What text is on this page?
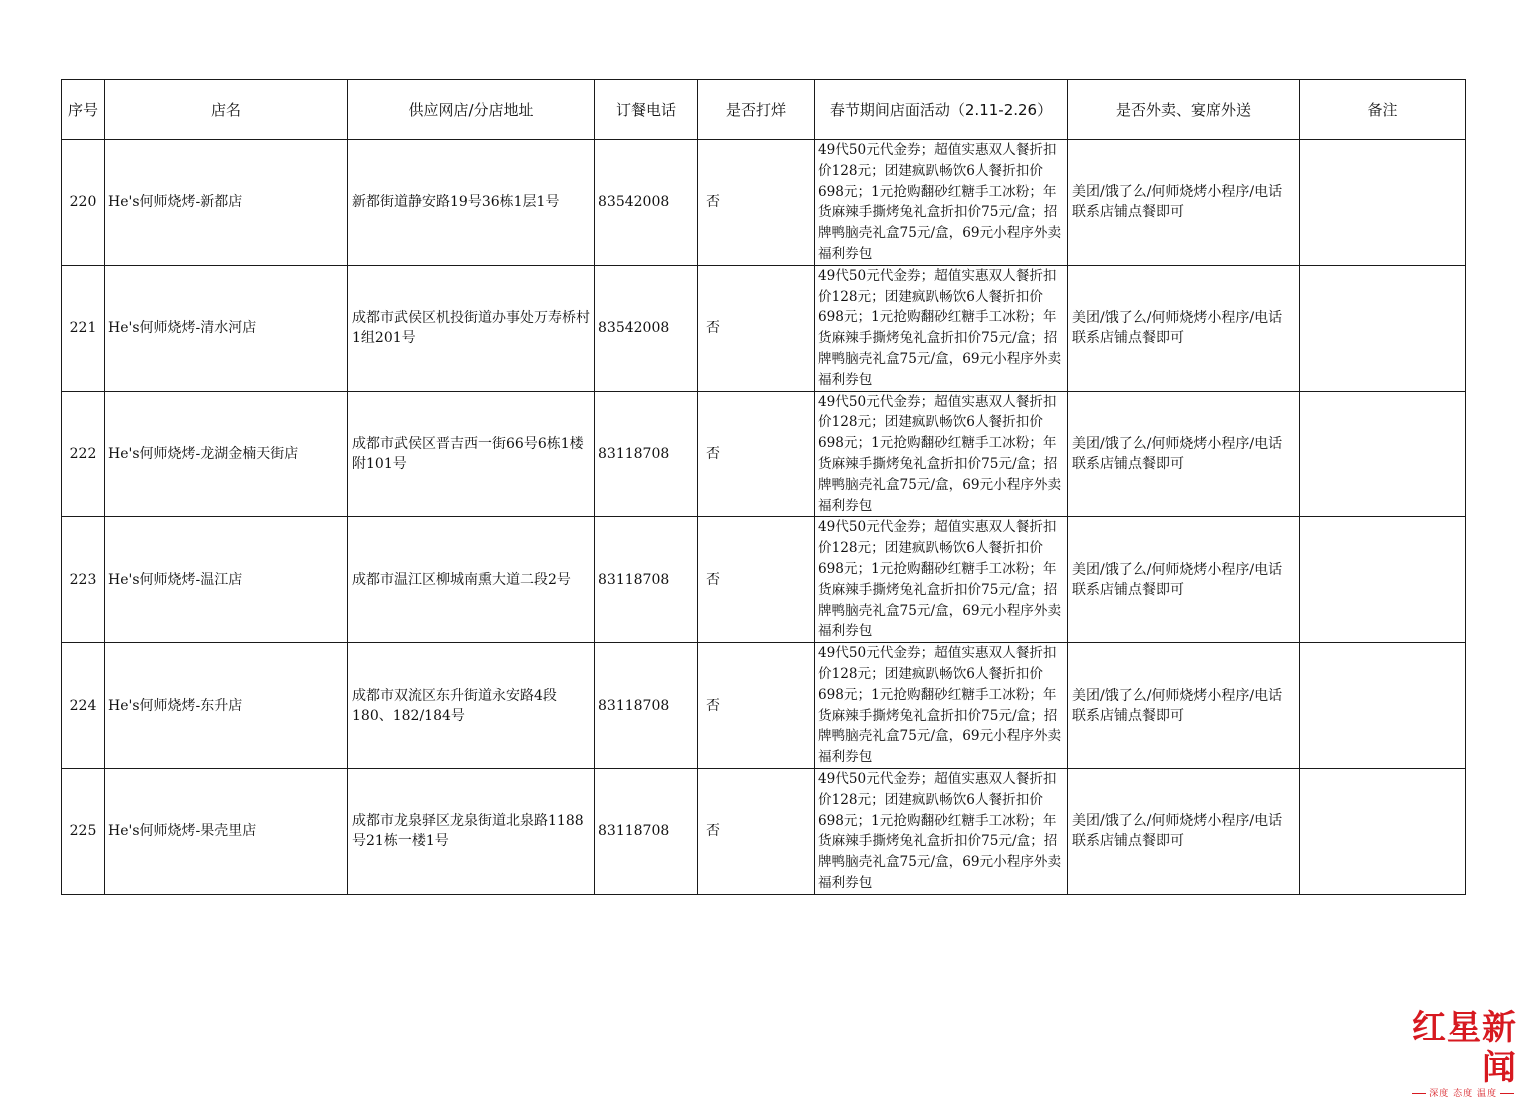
序号	店名	供应网店/分店地址	订餐电话	是否打烊	春节期间店面活动（2.11-2.26）	是否外卖、宴席外送	备注
220	He's何师烧烤-新都店	新都街道静安路19号36栋1层1号	83542008	否	49代50元代金券；超值实惠双人餐折扣价128元；团建疯趴畅饮6人餐折扣价698元；1元抢购翻砂红糖手工冰粉；年货麻辣手撕烤兔礼盒折扣价75元/盒；招牌鸭脑壳礼盒75元/盒，69元小程序外卖福利券包	美团/饿了么/何师烧烤小程序/电话联系店铺点餐即可	
221	He's何师烧烤-清水河店	成都市武侯区机投街道办事处万寿桥村1组201号	83542008	否	49代50元代金券；超值实惠双人餐折扣价128元；团建疯趴畅饮6人餐折扣价698元；1元抢购翻砂红糖手工冰粉；年货麻辣手撕烤兔礼盒折扣价75元/盒；招牌鸭脑壳礼盒75元/盒，69元小程序外卖福利券包	美团/饿了么/何师烧烤小程序/电话联系店铺点餐即可	
222	He's何师烧烤-龙湖金楠天街店	成都市武侯区晋吉西一街66号6栋1楼附101号	83118708	否	49代50元代金券；超值实惠双人餐折扣价128元；团建疯趴畅饮6人餐折扣价698元；1元抢购翻砂红糖手工冰粉；年货麻辣手撕烤兔礼盒折扣价75元/盒；招牌鸭脑壳礼盒75元/盒，69元小程序外卖福利券包	美团/饿了么/何师烧烤小程序/电话联系店铺点餐即可	
223	He's何师烧烤-温江店	成都市温江区柳城南熏大道二段2号	83118708	否	49代50元代金券；超值实惠双人餐折扣价128元；团建疯趴畅饮6人餐折扣价698元；1元抢购翻砂红糖手工冰粉；年货麻辣手撕烤兔礼盒折扣价75元/盒；招牌鸭脑壳礼盒75元/盒，69元小程序外卖福利券包	美团/饿了么/何师烧烤小程序/电话联系店铺点餐即可	
224	He's何师烧烤-东升店	成都市双流区东升街道永安路4段180、182/184号	83118708	否	49代50元代金券；超值实惠双人餐折扣价128元；团建疯趴畅饮6人餐折扣价698元；1元抢购翻砂红糖手工冰粉；年货麻辣手撕烤兔礼盒折扣价75元/盒；招牌鸭脑壳礼盒75元/盒，69元小程序外卖福利券包	美团/饿了么/何师烧烤小程序/电话联系店铺点餐即可	
225	He's何师烧烤-果壳里店	成都市龙泉驿区龙泉街道北泉路1188号21栋一楼1号	83118708	否	49代50元代金券；超值实惠双人餐折扣价128元；团建疯趴畅饮6人餐折扣价698元；1元抢购翻砂红糖手工冰粉；年货麻辣手撕烤兔礼盒折扣价75元/盒；招牌鸭脑壳礼盒75元/盒，69元小程序外卖福利券包	美团/饿了么/何师烧烤小程序/电话联系店铺点餐即可	
红星新闻
深度 态度 温度
